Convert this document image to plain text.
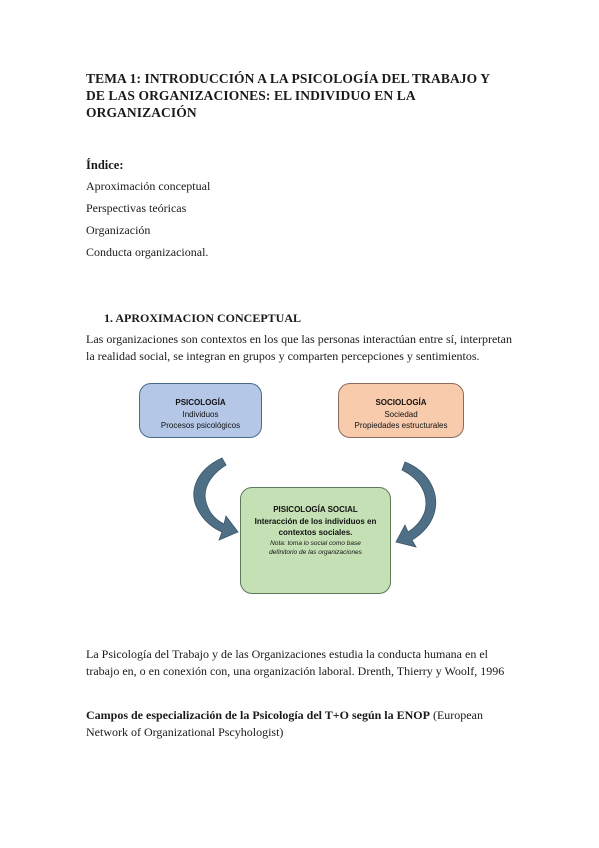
TEMA 1: INTRODUCCIÓN A LA PSICOLOGÍA DEL TRABAJO Y
DE LAS ORGANIZACIONES: EL INDIVIDUO EN LA
ORGANIZACIÓN
Índice:
Aproximación conceptual
Perspectivas teóricas
Organización
Conducta organizacional.
1. APROXIMACION CONCEPTUAL
Las organizaciones son contextos en los que las personas interactúan entre sí, interpretan
la realidad social, se integran en grupos y comparten percepciones y sentimientos.
PSICOLOGÍA
Individuos
Procesos psicológicos
SOCIOLOGÍA
Sociedad
Propiedades estructurales
PISICOLOGÍA SOCIAL
Interacción de los individuos en
contextos sociales.
Nota: toma lo social como base
definitorio de las organizaciones
La Psicología del Trabajo y de las Organizaciones estudia la conducta humana en el
trabajo en, o en conexión con, una organización laboral. Drenth, Thierry y Woolf, 1996
Campos de especialización de la Psicología del T+O según la ENOP (European
Network of Organizational Pscyhologist)
